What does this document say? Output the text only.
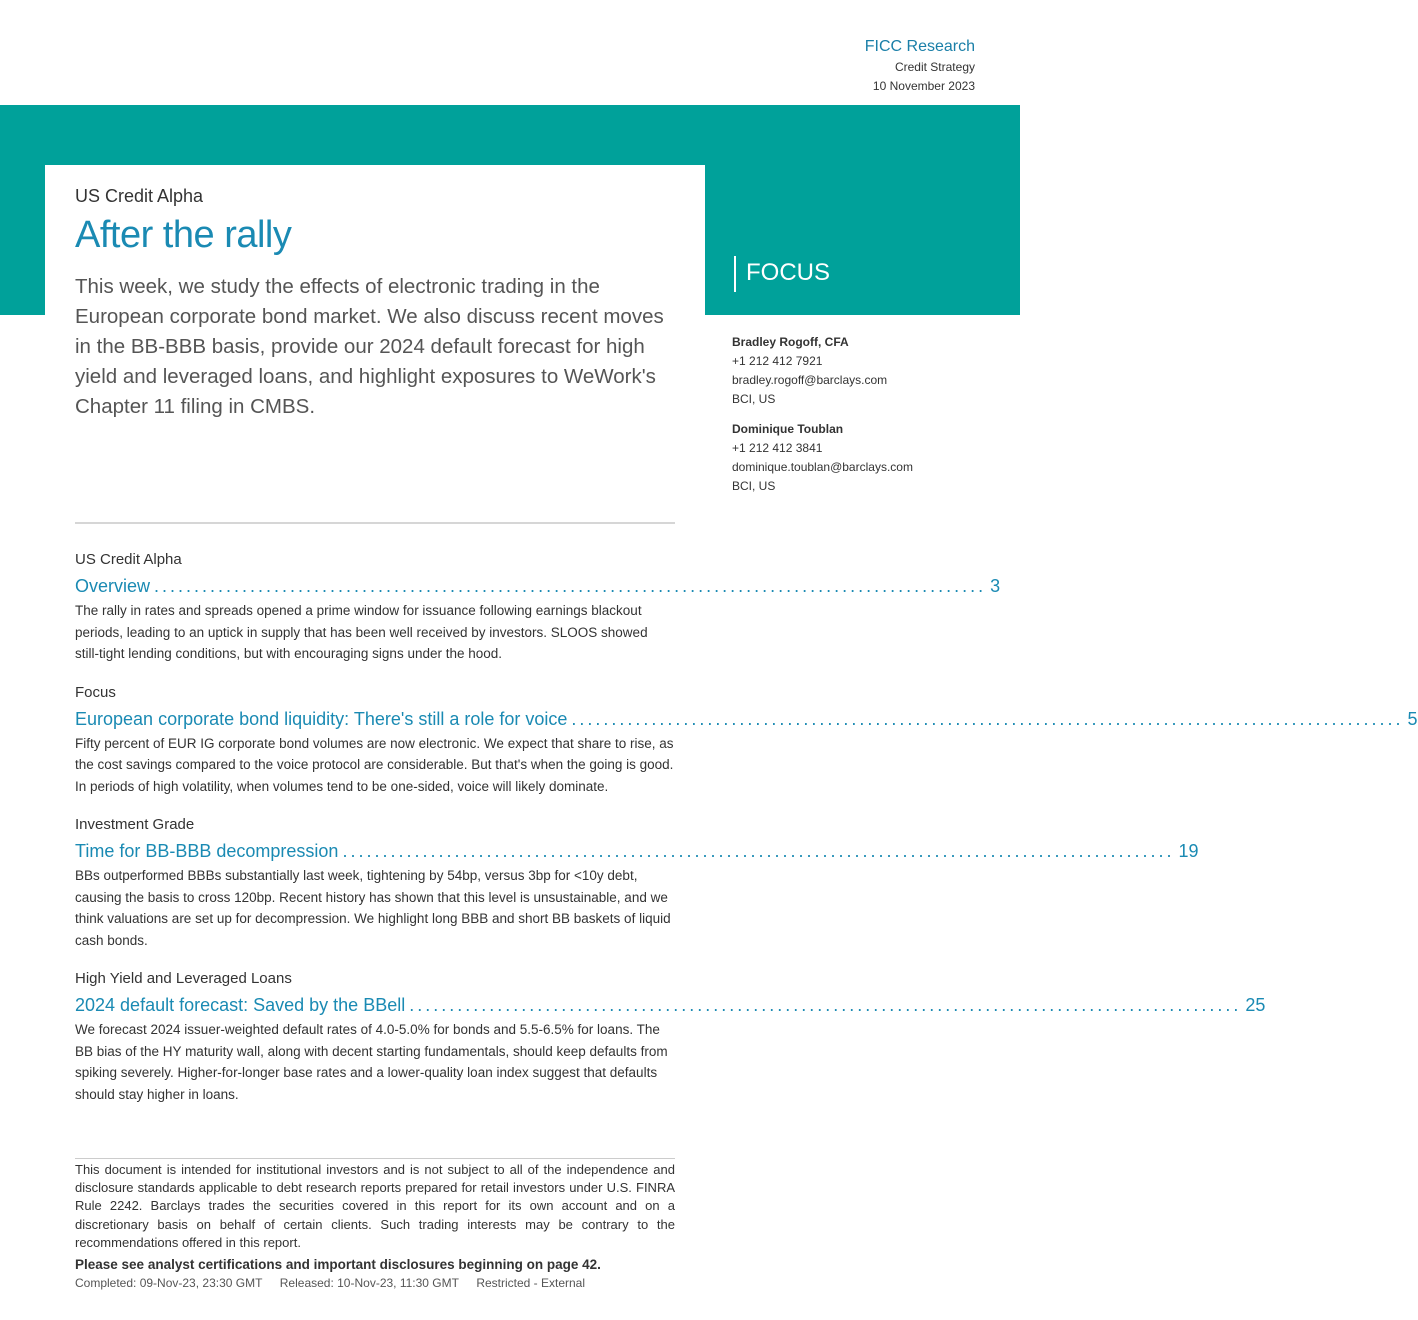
FICC Research
Credit Strategy
10 November 2023
US Credit Alpha
After the rally
This week, we study the effects of electronic trading in the European corporate bond market. We also discuss recent moves in the BB-BBB basis, provide our 2024 default forecast for high yield and leveraged loans, and highlight exposures to WeWork's Chapter 11 filing in CMBS.
FOCUS
Bradley Rogoff, CFA
+1 212 412 7921
bradley.rogoff@barclays.com
BCI, US
Dominique Toublan
+1 212 412 3841
dominique.toublan@barclays.com
BCI, US
US Credit Alpha
Overview ........................................................................................................ 3
The rally in rates and spreads opened a prime window for issuance following earnings blackout periods, leading to an uptick in supply that has been well received by investors. SLOOS showed still-tight lending conditions, but with encouraging signs under the hood.
Focus
European corporate bond liquidity: There's still a role for voice ........................................................................................................ 5
Fifty percent of EUR IG corporate bond volumes are now electronic. We expect that share to rise, as the cost savings compared to the voice protocol are considerable. But that's when the going is good. In periods of high volatility, when volumes tend to be one-sided, voice will likely dominate.
Investment Grade
Time for BB-BBB decompression ........................................................................................................ 19
BBs outperformed BBBs substantially last week, tightening by 54bp, versus 3bp for <10y debt, causing the basis to cross 120bp. Recent history has shown that this level is unsustainable, and we think valuations are set up for decompression. We highlight long BBB and short BB baskets of liquid cash bonds.
High Yield and Leveraged Loans
2024 default forecast: Saved by the BBell ........................................................................................................ 25
We forecast 2024 issuer-weighted default rates of 4.0-5.0% for bonds and 5.5-6.5% for loans. The BB bias of the HY maturity wall, along with decent starting fundamentals, should keep defaults from spiking severely. Higher-for-longer base rates and a lower-quality loan index suggest that defaults should stay higher in loans.
This document is intended for institutional investors and is not subject to all of the independence and disclosure standards applicable to debt research reports prepared for retail investors under U.S. FINRA Rule 2242. Barclays trades the securities covered in this report for its own account and on a discretionary basis on behalf of certain clients. Such trading interests may be contrary to the recommendations offered in this report.
Please see analyst certifications and important disclosures beginning on page 42.
Completed: 09-Nov-23, 23:30 GMT Released: 10-Nov-23, 11:30 GMT Restricted - External
